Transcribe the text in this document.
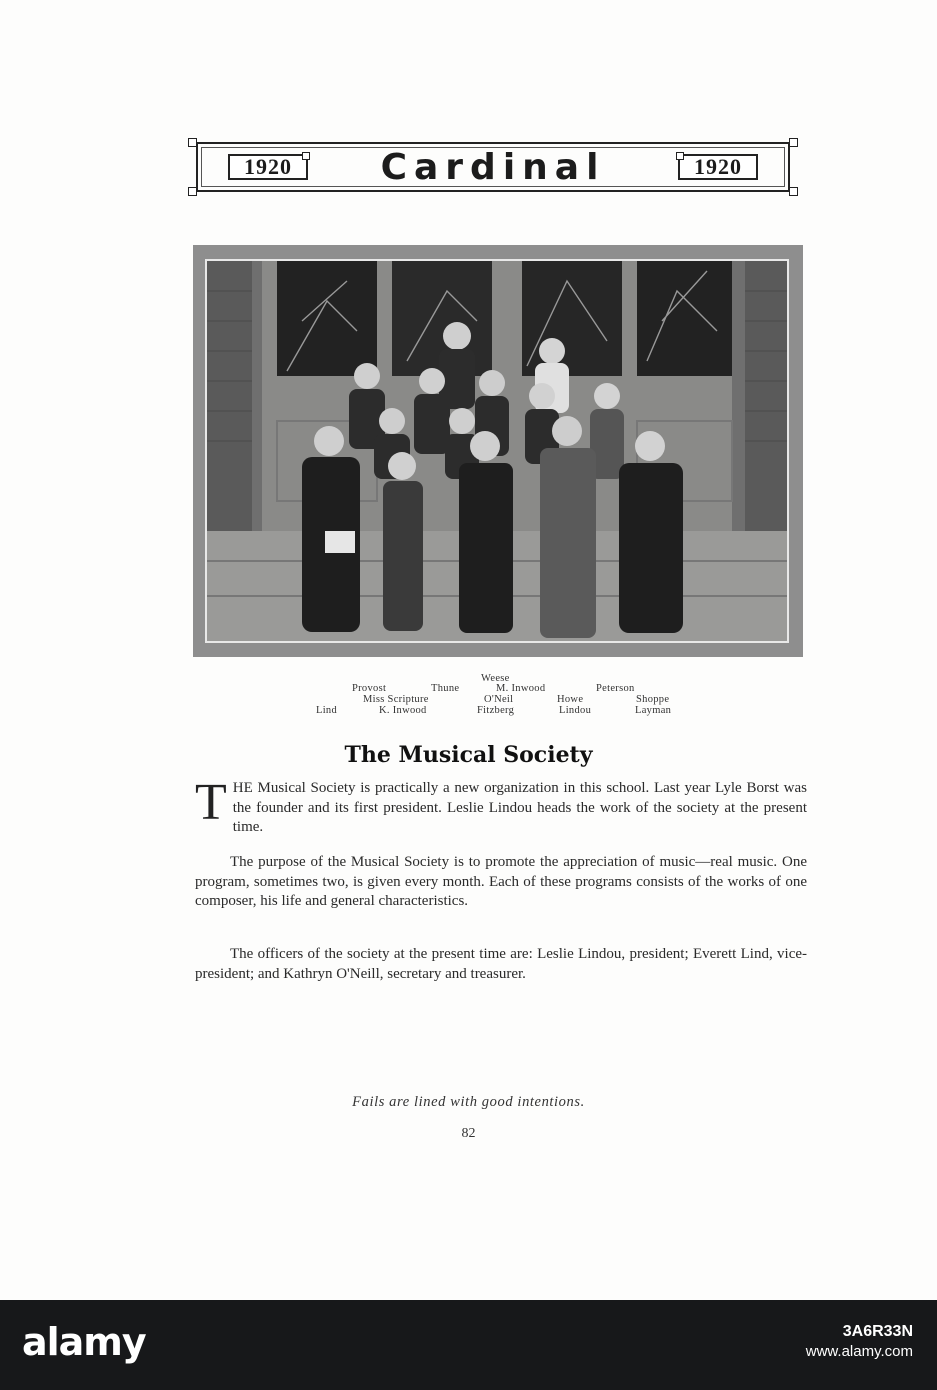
1920	Cardinal	1920
Weese
Provost	Thune	M. Inwood	Peterson
Miss Scripture	O'Neil	Howe	Shoppe
Lind	K. Inwood	Fitzberg	Lindou	Layman
The Musical Society
T HE Musical Society is practically a new organization in this school. Last year Lyle Borst was the founder and its first president. Leslie Lindou heads the work of the society at the present time.
The purpose of the Musical Society is to promote the appreciation of music—real music. One program, sometimes two, is given every month. Each of these programs consists of the works of one composer, his life and general characteristics.
The officers of the society at the present time are: Leslie Lindou, president; Everett Lind, vice-president; and Kathryn O'Neill, secretary and treasurer.
Fails are lined with good intentions.
82
alamy	3A6R33N
www.alamy.com
